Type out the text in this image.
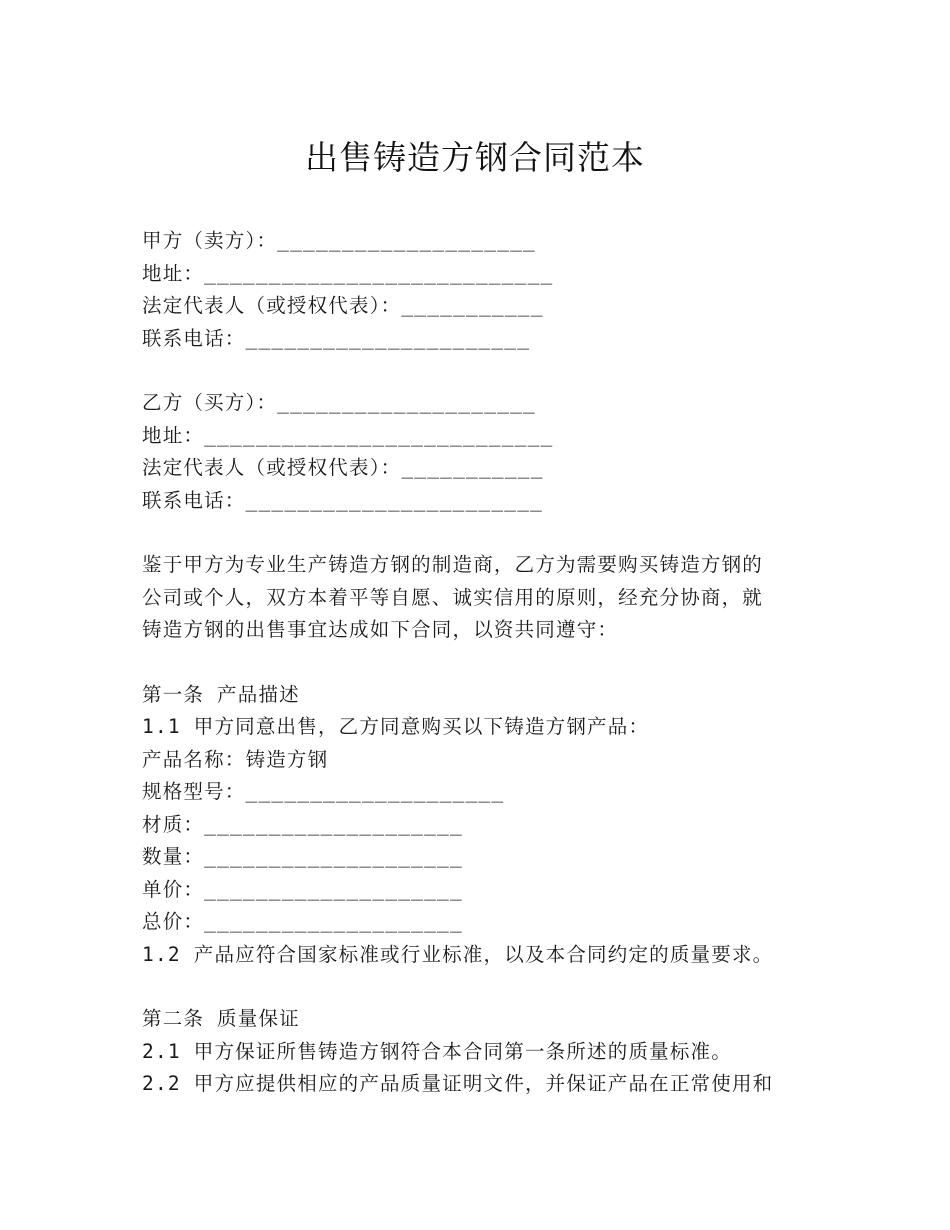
出售铸造方钢合同范本
甲方（卖方）：____________________
地址：___________________________
法定代表人（或授权代表）：___________
联系电话：______________________
乙方（买方）：____________________
地址：___________________________
法定代表人（或授权代表）：___________
联系电话：_______________________
鉴于甲方为专业生产铸造方钢的制造商，乙方为需要购买铸造方钢的
公司或个人，双方本着平等自愿、诚实信用的原则，经充分协商，就
铸造方钢的出售事宜达成如下合同，以资共同遵守：
第一条 产品描述
1.1 甲方同意出售，乙方同意购买以下铸造方钢产品：
产品名称：铸造方钢
规格型号：____________________
材质：____________________
数量：____________________
单价：____________________
总价：____________________
1.2 产品应符合国家标准或行业标准，以及本合同约定的质量要求。
第二条 质量保证
2.1 甲方保证所售铸造方钢符合本合同第一条所述的质量标准。
2.2 甲方应提供相应的产品质量证明文件，并保证产品在正常使用和
